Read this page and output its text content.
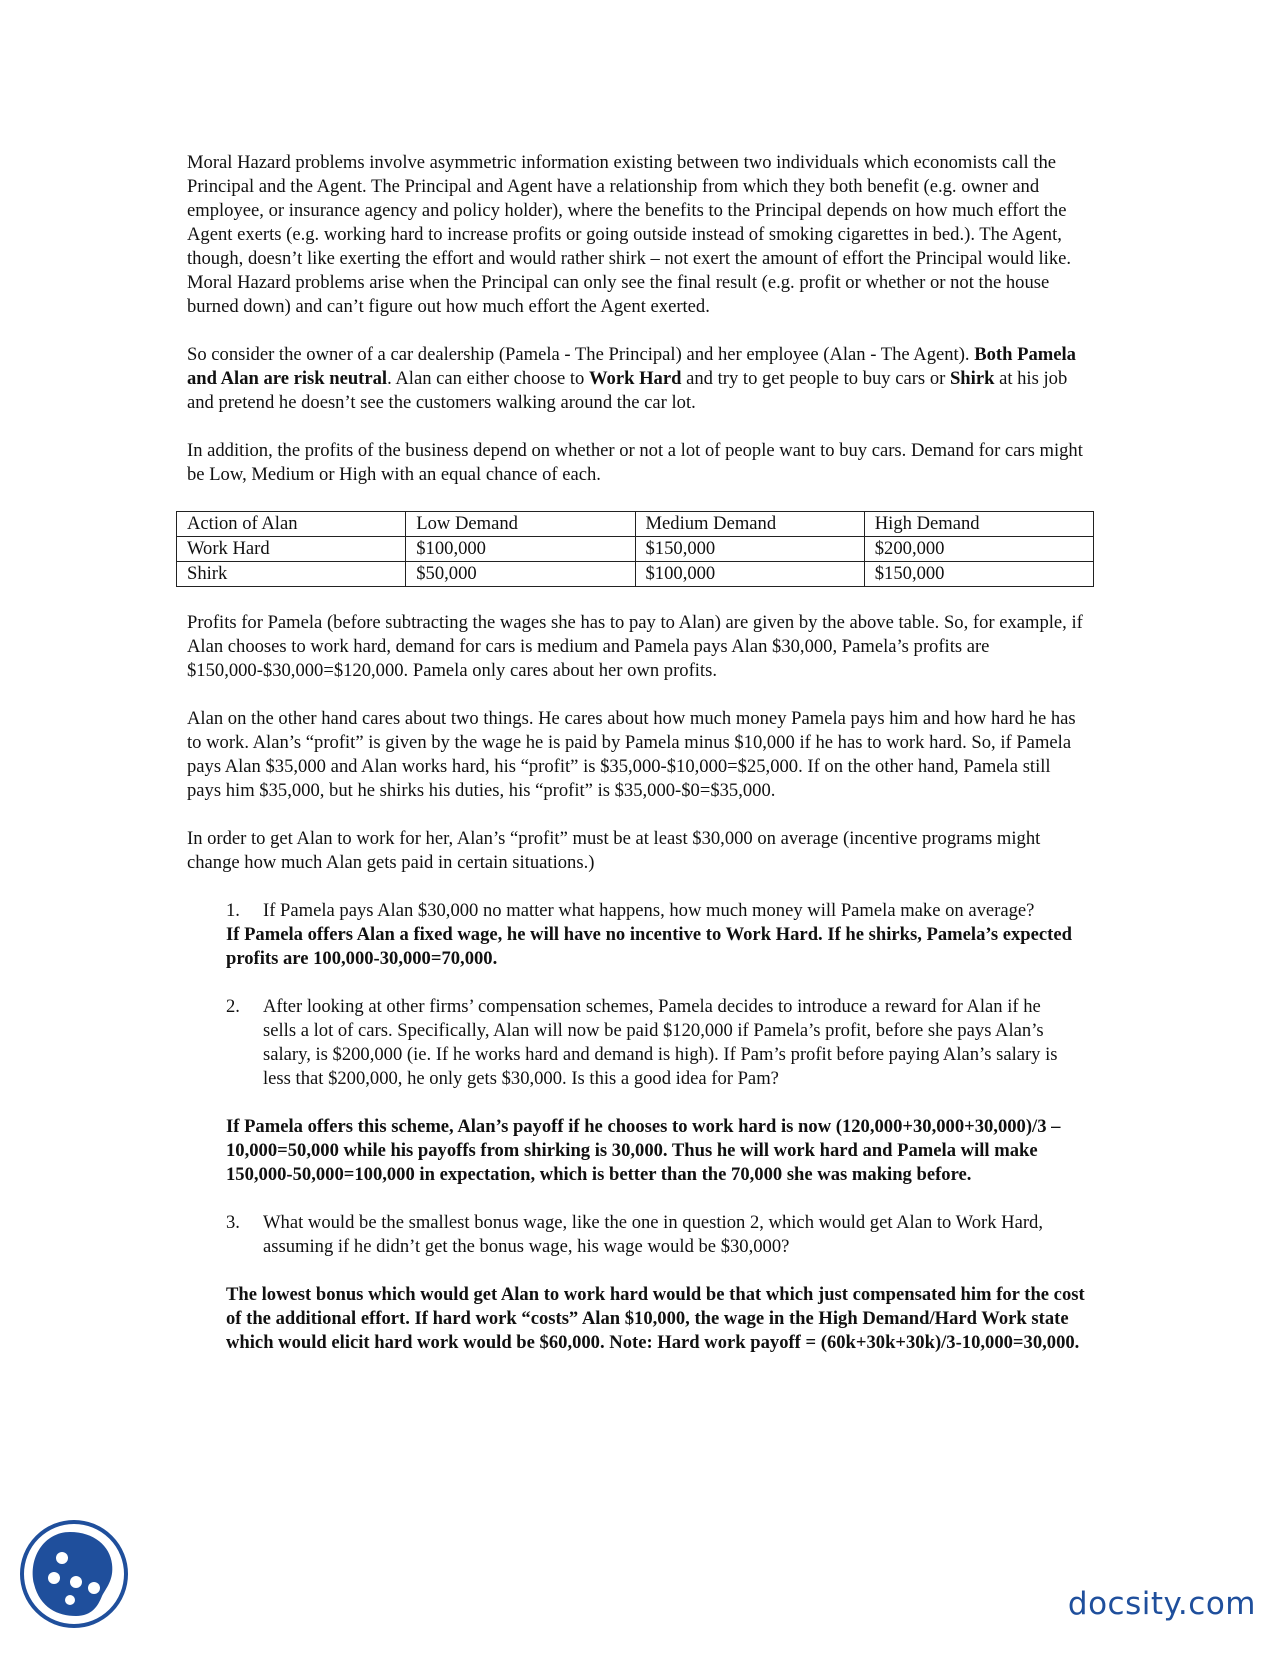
Moral Hazard problems involve asymmetric information existing between two individuals which economists call the Principal and the Agent. The Principal and Agent have a relationship from which they both benefit (e.g. owner and employee, or insurance agency and policy holder), where the benefits to the Principal depends on how much effort the Agent exerts (e.g. working hard to increase profits or going outside instead of smoking cigarettes in bed.). The Agent, though, doesn’t like exerting the effort and would rather shirk – not exert the amount of effort the Principal would like. Moral Hazard problems arise when the Principal can only see the final result (e.g. profit or whether or not the house burned down) and can’t figure out how much effort the Agent exerted.

So consider the owner of a car dealership (Pamela - The Principal) and her employee (Alan - The Agent). Both Pamela and Alan are risk neutral. Alan can either choose to Work Hard and try to get people to buy cars or Shirk at his job and pretend he doesn’t see the customers walking around the car lot.

In addition, the profits of the business depend on whether or not a lot of people want to buy cars. Demand for cars might be Low, Medium or High with an equal chance of each.

Action of Alan	Low Demand	Medium Demand	High Demand
Work Hard	$100,000	$150,000	$200,000
Shirk	$50,000	$100,000	$150,000

Profits for Pamela (before subtracting the wages she has to pay to Alan) are given by the above table. So, for example, if Alan chooses to work hard, demand for cars is medium and Pamela pays Alan $30,000, Pamela’s profits are $150,000-$30,000=$120,000. Pamela only cares about her own profits.

Alan on the other hand cares about two things. He cares about how much money Pamela pays him and how hard he has to work. Alan’s “profit” is given by the wage he is paid by Pamela minus $10,000 if he has to work hard. So, if Pamela pays Alan $35,000 and Alan works hard, his “profit” is $35,000-$10,000=$25,000. If on the other hand, Pamela still pays him $35,000, but he shirks his duties, his “profit” is $35,000-$0=$35,000.

In order to get Alan to work for her, Alan’s “profit” must be at least $30,000 on average (incentive programs might change how much Alan gets paid in certain situations.)

1.	If Pamela pays Alan $30,000 no matter what happens, how much money will Pamela make on average?
If Pamela offers Alan a fixed wage, he will have no incentive to Work Hard. If he shirks, Pamela’s expected profits are 100,000-30,000=70,000.
2.	After looking at other firms’ compensation schemes, Pamela decides to introduce a reward for Alan if he sells a lot of cars. Specifically, Alan will now be paid $120,000 if Pamela’s profit, before she pays Alan’s salary, is $200,000 (ie. If he works hard and demand is high). If Pam’s profit before paying Alan’s salary is less that $200,000, he only gets $30,000. Is this a good idea for Pam?
If Pamela offers this scheme, Alan’s payoff if he chooses to work hard is now (120,000+30,000+30,000)/3 – 10,000=50,000 while his payoffs from shirking is 30,000. Thus he will work hard and Pamela will make 150,000-50,000=100,000 in expectation, which is better than the 70,000 she was making before.
3.	What would be the smallest bonus wage, like the one in question 2, which would get Alan to Work Hard, assuming if he didn’t get the bonus wage, his wage would be $30,000?
The lowest bonus which would get Alan to work hard would be that which just compensated him for the cost of the additional effort. If hard work “costs” Alan $10,000, the wage in the High Demand/Hard Work state which would elicit hard work would be $60,000. Note: Hard work payoff = (60k+30k+30k)/3-10,000=30,000.
docsity.com
